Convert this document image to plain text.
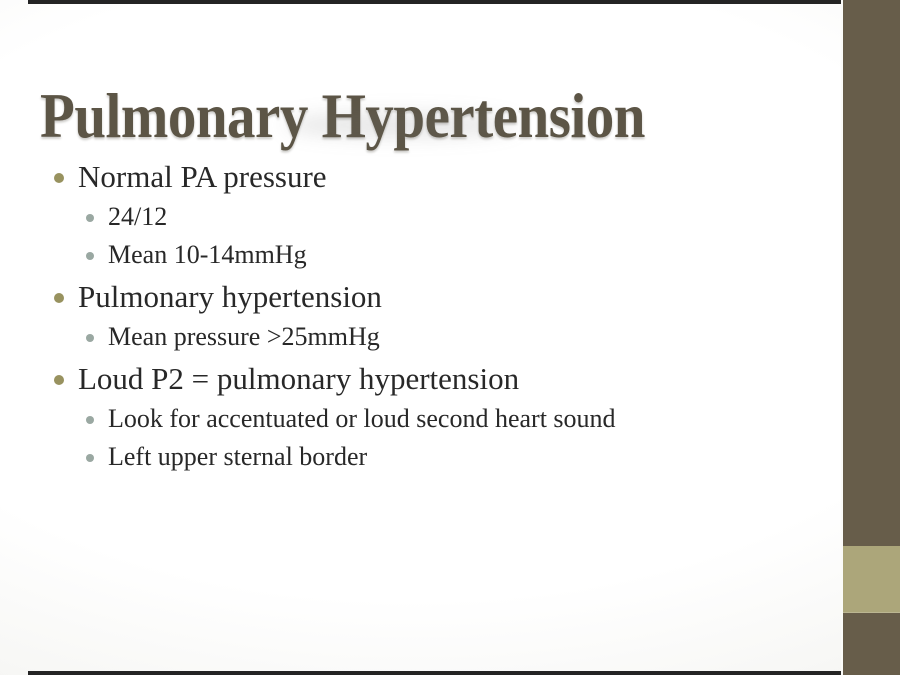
Pulmonary Hypertension
Normal PA pressure
24/12
Mean 10-14mmHg
Pulmonary hypertension
Mean pressure >25mmHg
Loud P2 = pulmonary hypertension
Look for accentuated or loud second heart sound
Left upper sternal border
